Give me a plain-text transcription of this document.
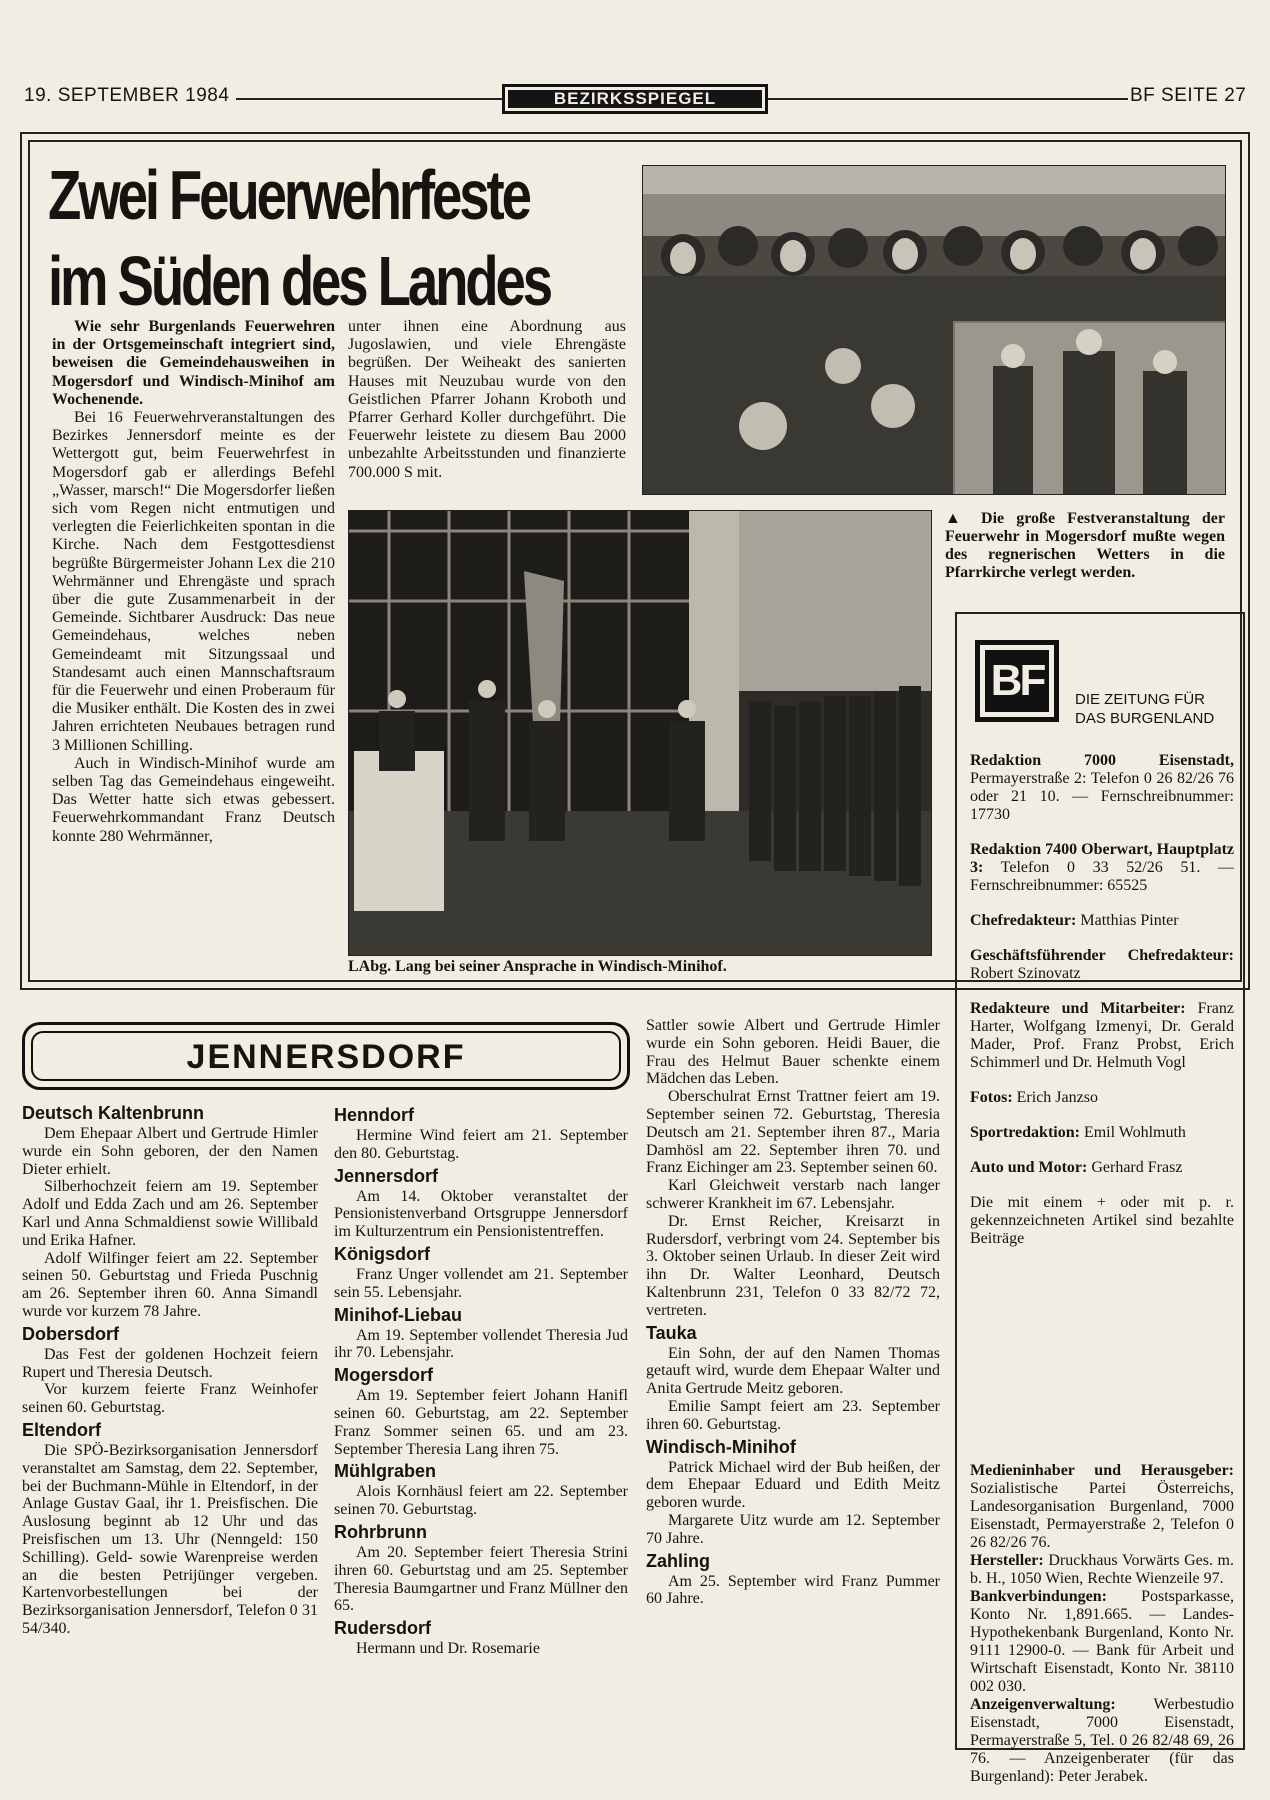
19. SEPTEMBER 1984	BEZIRKSSPIEGEL	BF SEITE 27
Zwei Feuerwehrfeste
im Süden des Landes

Wie sehr Burgenlands Feuerwehren in der Ortsgemeinschaft integriert sind, beweisen die Gemeindehausweihen in Mogersdorf und Windisch-Minihof am Wochenende.

Bei 16 Feuerwehrveranstaltungen des Bezirkes Jennersdorf meinte es der Wettergott gut, beim Feuerwehrfest in Mogersdorf gab er allerdings Befehl „Wasser, marsch!“ Die Mogersdorfer ließen sich vom Regen nicht entmutigen und verlegten die Feierlichkeiten spontan in die Kirche. Nach dem Festgottesdienst begrüßte Bürgermeister Johann Lex die 210 Wehrmänner und Ehrengäste und sprach über die gute Zusammenarbeit in der Gemeinde. Sichtbarer Ausdruck: Das neue Gemeindehaus, welches neben Gemeindeamt mit Sitzungssaal und Standesamt auch einen Mannschaftsraum für die Feuerwehr und einen Proberaum für die Musiker enthält. Die Kosten des in zwei Jahren errichteten Neubaues betragen rund 3 Millionen Schilling.

Auch in Windisch-Minihof wurde am selben Tag das Gemeindehaus eingeweiht. Das Wetter hatte sich etwas gebessert. Feuerwehrkommandant Franz Deutsch konnte 280 Wehrmänner,

unter ihnen eine Abordnung aus Jugoslawien, und viele Ehrengäste begrüßen. Der Weiheakt des sanierten Hauses mit Neuzubau wurde von den Geistlichen Pfarrer Johann Kroboth und Pfarrer Gerhard Koller durchgeführt. Die Feuerwehr leistete zu diesem Bau 2000 unbezahlte Arbeitsstunden und finanzierte 700.000 S mit.

▲ Die große Festveranstaltung der Feuerwehr in Mogersdorf mußte wegen des regnerischen Wetters in die Pfarrkirche verlegt werden.
LAbg. Lang bei seiner Ansprache in Windisch-Minihof.
BF	DIE ZEITUNG FÜR
DAS BURGENLAND

Redaktion 7000 Eisenstadt, Permayerstraße 2: Telefon 0 26 82/26 76 oder 21 10. — Fernschreibnummer: 17730

Redaktion 7400 Oberwart, Hauptplatz 3: Telefon 0 33 52/26 51. — Fernschreibnummer: 65525

Chefredakteur: Matthias Pinter

Geschäftsführender Chefredakteur: Robert Szinovatz

Redakteure und Mitarbeiter: Franz Harter, Wolfgang Izmenyi, Dr. Gerald Mader, Prof. Franz Probst, Erich Schimmerl und Dr. Helmuth Vogl

Fotos: Erich Janzso

Sportredaktion: Emil Wohlmuth

Auto und Motor: Gerhard Frasz

Die mit einem + oder mit p. r. gekennzeichneten Artikel sind bezahlte Beiträge

Medieninhaber und Herausgeber: Sozialistische Partei Österreichs, Landesorganisation Burgenland, 7000 Eisenstadt, Permayerstraße 2, Telefon 0 26 82/26 76.

Hersteller: Druckhaus Vorwärts Ges. m. b. H., 1050 Wien, Rechte Wienzeile 97.

Bankverbindungen: Postsparkasse, Konto Nr. 1,891.665. — Landes-Hypothekenbank Burgenland, Konto Nr. 9111 12900-0. — Bank für Arbeit und Wirtschaft Eisenstadt, Konto Nr. 38110 002 030.

Anzeigenverwaltung: Werbestudio Eisenstadt, 7000 Eisenstadt, Permayerstraße 5, Tel. 0 26 82/48 69, 26 76. — Anzeigenberater (für das Burgenland): Peter Jerabek.

JENNERSDORF
Deutsch Kaltenbrunn

Dem Ehepaar Albert und Gertrude Himler wurde ein Sohn geboren, der den Namen Dieter erhielt.

Silberhochzeit feiern am 19. September Adolf und Edda Zach und am 26. September Karl und Anna Schmaldienst sowie Willibald und Erika Hafner.

Adolf Wilfinger feiert am 22. September seinen 50. Geburtstag und Frieda Puschnig am 26. September ihren 60. Anna Simandl wurde vor kurzem 78 Jahre.

Dobersdorf

Das Fest der goldenen Hochzeit feiern Rupert und Theresia Deutsch.

Vor kurzem feierte Franz Weinhofer seinen 60. Geburtstag.

Eltendorf

Die SPÖ-Bezirksorganisation Jennersdorf veranstaltet am Samstag, dem 22. September, bei der Buchmann-Mühle in Eltendorf, in der Anlage Gustav Gaal, ihr 1. Preisfischen. Die Auslosung beginnt ab 12 Uhr und das Preisfischen um 13. Uhr (Nenngeld: 150 Schilling). Geld- sowie Warenpreise werden an die besten Petrijünger vergeben. Kartenvorbestellungen bei der Bezirksorganisation Jennersdorf, Telefon 0 31 54/340.

Henndorf

Hermine Wind feiert am 21. September den 80. Geburtstag.

Jennersdorf

Am 14. Oktober veranstaltet der Pensionistenverband Ortsgruppe Jennersdorf im Kulturzentrum ein Pensionistentreffen.

Königsdorf

Franz Unger vollendet am 21. September sein 55. Lebensjahr.

Minihof-Liebau

Am 19. September vollendet Theresia Jud ihr 70. Lebensjahr.

Mogersdorf

Am 19. September feiert Johann Hanifl seinen 60. Geburtstag, am 22. September Franz Sommer seinen 65. und am 23. September Theresia Lang ihren 75.

Mühlgraben

Alois Kornhäusl feiert am 22. September seinen 70. Geburtstag.

Rohrbrunn

Am 20. September feiert Theresia Strini ihren 60. Geburtstag und am 25. September Theresia Baumgartner und Franz Müllner den 65.

Rudersdorf

Hermann und Dr. Rosemarie

Sattler sowie Albert und Gertrude Himler wurde ein Sohn geboren. Heidi Bauer, die Frau des Helmut Bauer schenkte einem Mädchen das Leben.

Oberschulrat Ernst Trattner feiert am 19. September seinen 72. Geburtstag, Theresia Deutsch am 21. September ihren 87., Maria Damhösl am 22. September ihren 70. und Franz Eichinger am 23. September seinen 60.

Karl Gleichweit verstarb nach langer schwerer Krankheit im 67. Lebensjahr.

Dr. Ernst Reicher, Kreisarzt in Rudersdorf, verbringt vom 24. September bis 3. Oktober seinen Urlaub. In dieser Zeit wird ihn Dr. Walter Leonhard, Deutsch Kaltenbrunn 231, Telefon 0 33 82/72 72, vertreten.

Tauka

Ein Sohn, der auf den Namen Thomas getauft wird, wurde dem Ehepaar Walter und Anita Gertrude Meitz geboren.

Emilie Sampt feiert am 23. September ihren 60. Geburtstag.

Windisch-Minihof

Patrick Michael wird der Bub heißen, der dem Ehepaar Eduard und Edith Meitz geboren wurde.

Margarete Uitz wurde am 12. September 70 Jahre.

Zahling

Am 25. September wird Franz Pummer 60 Jahre.
